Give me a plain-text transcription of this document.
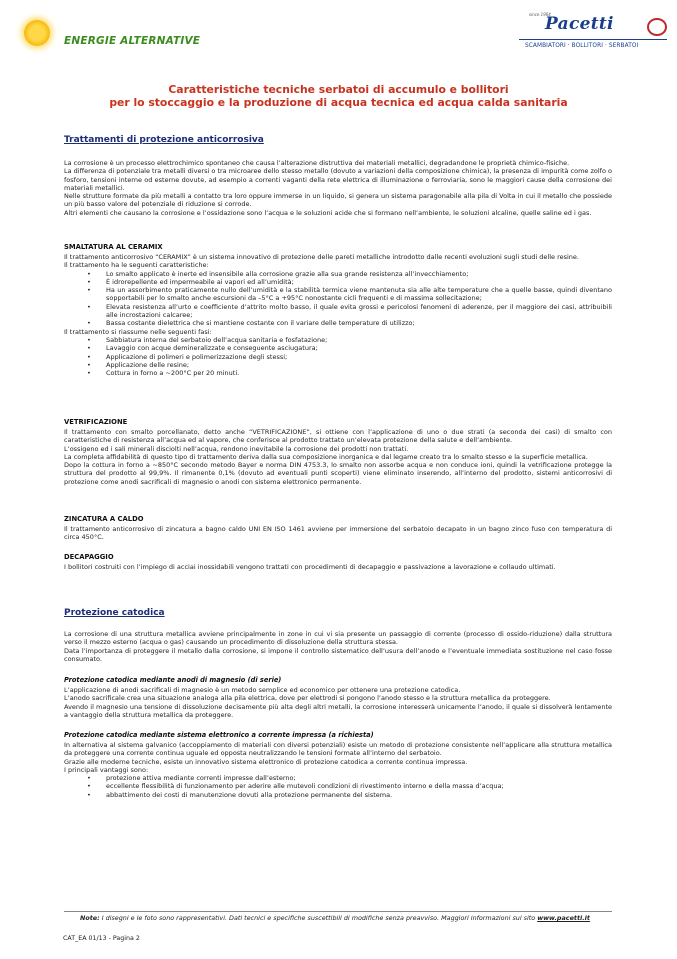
ENERGIE ALTERNATIVE
since 1964
Pacetti
SCAMBIATORI · BOLLITORI · SERBATOI
Caratteristiche tecniche serbatoi di accumulo e bollitori
per lo stoccaggio e la produzione di acqua tecnica ed acqua calda sanitaria
Trattamenti di protezione anticorrosiva

La corrosione è un processo elettrochimico spontaneo che causa l’alterazione distruttiva dei materiali metallici, degradandone le proprietà chimico-fisiche.

La differenza di potenziale tra metalli diversi o tra microaree dello stesso metallo (dovuto a variazioni della composizione chimica), la presenza di impurità come zolfo o fosforo, tensioni interne od esterne dovute, ad esempio a correnti vaganti della rete elettrica di illuminazione o ferroviaria, sono le maggiori cause della corrosione dei materiali metallici.

Nelle strutture formate da più metalli a contatto tra loro oppure immerse in un liquido, si genera un sistema paragonabile alla pila di Volta in cui il metallo che possiede un più basso valore del potenziale di riduzione si corrode.

Altri elementi che causano la corrosione e l’ossidazione sono l’acqua e le soluzioni acide che si formano nell’ambiente, le soluzioni alcaline, quelle saline ed i gas.

SMALTATURA AL CERAMIX

Il trattamento anticorrosivo “CERAMIX” è un sistema innovativo di protezione delle pareti metalliche introdotto dalle recenti evoluzioni sugli studi delle resine.

Il trattamento ha le seguenti caratteristiche:

• Lo smalto applicato è inerte ed insensibile alla corrosione grazie alla sua grande resistenza all’invecchiamento;
• È idrorepellente ed impermeabile ai vapori ed all’umidità;
• Ha un assorbimento praticamente nullo dell’umidità e la stabilità termica viene mantenuta sia alle alte temperature che a quelle basse, quindi diventano sopportabili per lo smalto anche escursioni da –5°C a +95°C nonostante cicli frequenti e di massima sollecitazione;
• Elevata resistenza all’urto e coefficiente d’attrito molto basso, il quale evita grossi e pericolosi fenomeni di aderenze, per il maggiore dei casi, attribuibili alle incrostazioni calcaree;
• Bassa costante dielettrica che si mantiene costante con il variare delle temperature di utilizzo;

Il trattamento si riassume nelle seguenti fasi:

• Sabbiatura interna del serbatoio dell’acqua sanitaria e fosfatazione;
• Lavaggio con acque demineralizzate e conseguente asciugatura;
• Applicazione di polimeri e polimerizzazione degli stessi;
• Applicazione delle resine;
• Cottura in forno a ~200°C per 20 minuti.
VETRIFICAZIONE

Il trattamento con smalto porcellanato, detto anche “VETRIFICAZIONE”, si ottiene con l’applicazione di uno o due strati (a seconda dei casi) di smalto con caratteristiche di resistenza all’acqua ed al vapore, che conferisce al prodotto trattato un’elevata protezione della salute e dell’ambiente.

L’ossigeno ed i sali minerali disciolti nell’acqua, rendono inevitabile la corrosione dei prodotti non trattati.

La completa affidabilità di questo tipo di trattamento deriva dalla sua composizione inorganica e dal legame creato tra lo smalto stesso e la superficie metallica.

Dopo la cottura in forno a ~850°C secondo metodo Bayer e norma DIN 4753.3, lo smalto non assorbe acqua e non conduce ioni, quindi la vetrificazione protegge la struttura del prodotto al 99,9%. Il rimanente 0,1% (dovuto ad eventuali punti scoperti) viene eliminato inserendo, all’interno del prodotto, sistemi anticorrosivi di protezione come anodi sacrificali di magnesio o anodi con sistema elettronico permanente.

ZINCATURA A CALDO

Il trattamento anticorrosivo di zincatura a bagno caldo UNI EN ISO 1461 avviene per immersione del serbatoio decapato in un bagno zinco fuso con temperatura di circa 450°C.

DECAPAGGIO

I bollitori costruiti con l’impiego di acciai inossidabili vengono trattati con procedimenti di decapaggio e passivazione a lavorazione e collaudo ultimati.

Protezione catodica

La corrosione di una struttura metallica avviene principalmente in zone in cui vi sia presente un passaggio di corrente (processo di ossido-riduzione) dalla struttura verso il mezzo esterno (acqua o gas) causando un procedimento di dissoluzione della struttura stessa.

Data l’importanza di proteggere il metallo dalla corrosione, si impone il controllo sistematico dell’usura dell’anodo e l’eventuale immediata sostituzione nel caso fosse consumato.

Protezione catodica mediante anodi di magnesio (di serie)

L’applicazione di anodi sacrificali di magnesio è un metodo semplice ed economico per ottenere una protezione catodica.

L’anodo sacrificale crea una situazione analoga alla pila elettrica, dove per elettrodi si pongono l’anodo stesso e la struttura metallica da proteggere.

Avendo il magnesio una tensione di dissoluzione decisamente più alta degli altri metalli, la corrosione interesserà unicamente l’anodo, il quale si dissolverà lentamente a vantaggio della struttura metallica da proteggere.

Protezione catodica mediante sistema elettronico a corrente impressa (a richiesta)

In alternativa al sistema galvanico (accoppiamento di materiali con diversi potenziali) esiste un metodo di protezione consistente nell’applicare alla struttura metallica da proteggere una corrente continua uguale ed opposta neutralizzando le tensioni formate all’interno del serbatoio.

Grazie alle moderne tecniche, esiste un innovativo sistema elettronico di protezione catodica a corrente continua impressa.

I principali vantaggi sono:

• protezione attiva mediante correnti impresse dall’esterno;
• eccellente flessibilità di funzionamento per aderire alle mutevoli condizioni di rivestimento interno e della massa d’acqua;
• abbattimento dei costi di manutenzione dovuti alla protezione permanente del sistema.
Note: I disegni e le foto sono rappresentativi. Dati tecnici e specifiche suscettibili di modifiche senza preavviso. Maggiori informazioni sul sito www.pacetti.it
CAT_EA 01/13 - Pagina 2
